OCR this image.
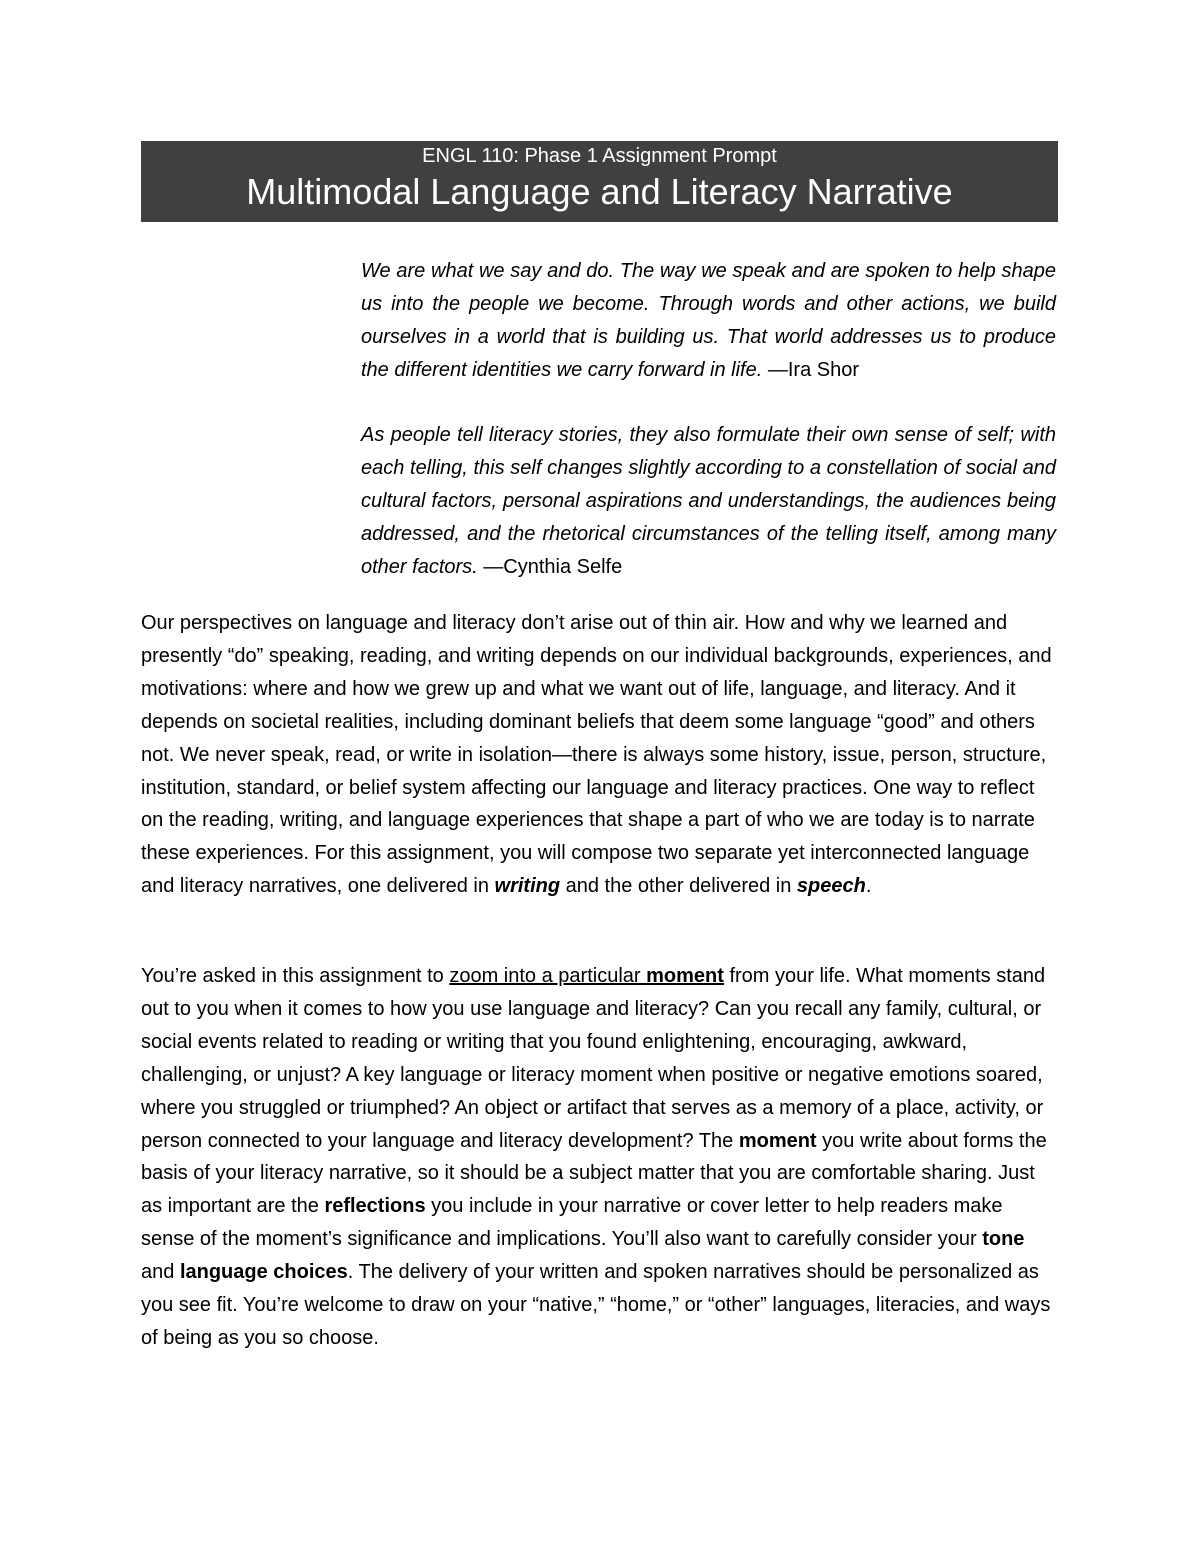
ENGL 110: Phase 1 Assignment Prompt
Multimodal Language and Literacy Narrative
We are what we say and do. The way we speak and are spoken to help shape us into the people we become. Through words and other actions, we build ourselves in a world that is building us. That world addresses us to produce the different identities we carry forward in life. —Ira Shor
As people tell literacy stories, they also formulate their own sense of self; with each telling, this self changes slightly according to a constellation of social and cultural factors, personal aspirations and understandings, the audiences being addressed, and the rhetorical circumstances of the telling itself, among many other factors. —Cynthia Selfe
Our perspectives on language and literacy don’t arise out of thin air. How and why we learned and presently “do” speaking, reading, and writing depends on our individual backgrounds, experiences, and motivations: where and how we grew up and what we want out of life, language, and literacy. And it depends on societal realities, including dominant beliefs that deem some language “good” and others not. We never speak, read, or write in isolation—there is always some history, issue, person, structure, institution, standard, or belief system affecting our language and literacy practices. One way to reflect on the reading, writing, and language experiences that shape a part of who we are today is to narrate these experiences. For this assignment, you will compose two separate yet interconnected language and literacy narratives, one delivered in writing and the other delivered in speech.
You’re asked in this assignment to zoom into a particular moment from your life. What moments stand out to you when it comes to how you use language and literacy? Can you recall any family, cultural, or social events related to reading or writing that you found enlightening, encouraging, awkward, challenging, or unjust? A key language or literacy moment when positive or negative emotions soared, where you struggled or triumphed? An object or artifact that serves as a memory of a place, activity, or person connected to your language and literacy development? The moment you write about forms the basis of your literacy narrative, so it should be a subject matter that you are comfortable sharing. Just as important are the reflections you include in your narrative or cover letter to help readers make sense of the moment’s significance and implications. You’ll also want to carefully consider your tone and language choices. The delivery of your written and spoken narratives should be personalized as you see fit. You’re welcome to draw on your “native,” “home,” or “other” languages, literacies, and ways of being as you so choose.
